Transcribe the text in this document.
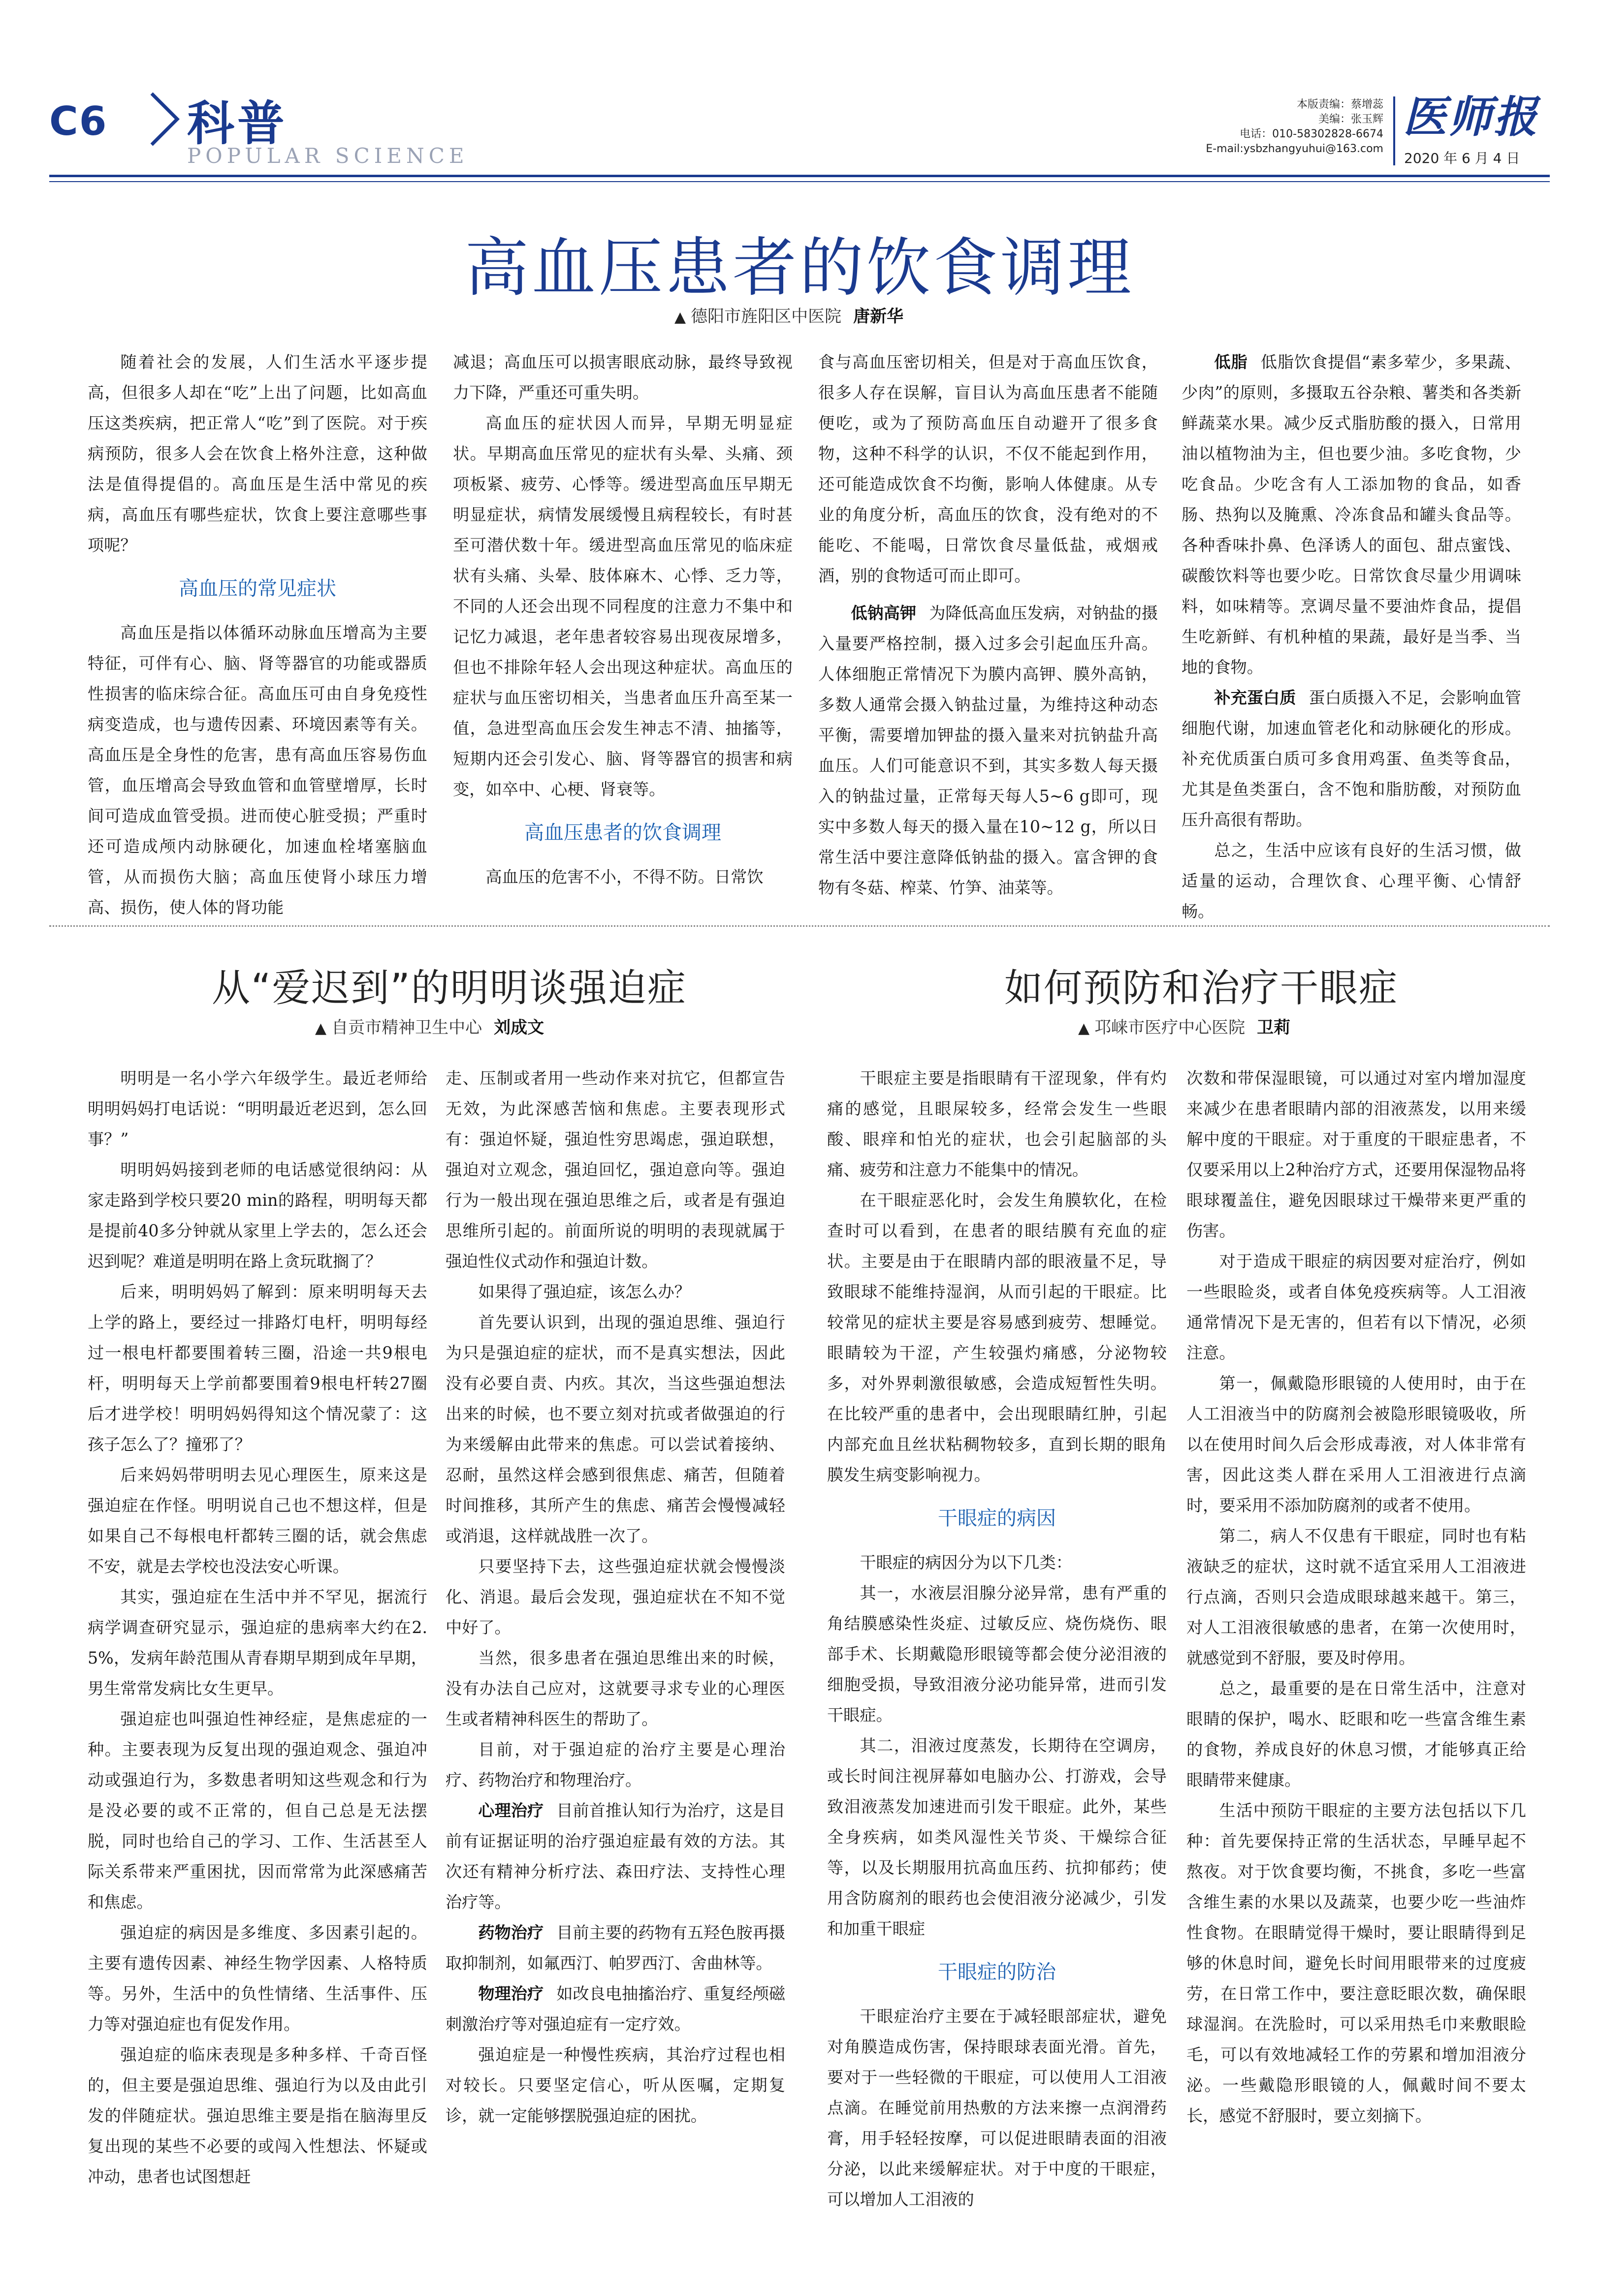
C6 科普
POPULAR SCIENCE
本版责编：蔡增蕊
美编：张玉辉
电话：010-58302828-6674
E-mail:ysbzhangyuhui@163.com
医师报
2020 年 6 月 4 日
高血压患者的饮食调理
▲ 德阳市旌阳区中医院 唐新华

随着社会的发展，人们生活水平逐步提高，但很多人却在“吃”上出了问题，比如高血压这类疾病，把正常人“吃”到了医院。对于疾病预防，很多人会在饮食上格外注意，这种做法是值得提倡的。高血压是生活中常见的疾病，高血压有哪些症状，饮食上要注意哪些事项呢？

高血压的常见症状

高血压是指以体循环动脉血压增高为主要特征，可伴有心、脑、肾等器官的功能或器质性损害的临床综合征。高血压可由自身免疫性病变造成，也与遗传因素、环境因素等有关。高血压是全身性的危害，患有高血压容易伤血管，血压增高会导致血管和血管壁增厚，长时间可造成血管受损。进而使心脏受损；严重时还可造成颅内动脉硬化，加速血栓堵塞脑血管，从而损伤大脑；高血压使肾小球压力增高、损伤，使人体的肾功能

减退；高血压可以损害眼底动脉，最终导致视力下降，严重还可重失明。

高血压的症状因人而异，早期无明显症状。早期高血压常见的症状有头晕、头痛、颈项板紧、疲劳、心悸等。缓进型高血压早期无明显症状，病情发展缓慢且病程较长，有时甚至可潜伏数十年。缓进型高血压常见的临床症状有头痛、头晕、肢体麻木、心悸、乏力等，不同的人还会出现不同程度的注意力不集中和记忆力减退，老年患者较容易出现夜尿增多，但也不排除年轻人会出现这种症状。高血压的症状与血压密切相关，当患者血压升高至某一值，急进型高血压会发生神志不清、抽搐等，短期内还会引发心、脑、肾等器官的损害和病变，如卒中、心梗、肾衰等。

高血压患者的饮食调理

高血压的危害不小，不得不防。日常饮

食与高血压密切相关，但是对于高血压饮食，很多人存在误解，盲目认为高血压患者不能随便吃，或为了预防高血压自动避开了很多食物，这种不科学的认识，不仅不能起到作用，还可能造成饮食不均衡，影响人体健康。从专业的角度分析，高血压的饮食，没有绝对的不能吃、不能喝，日常饮食尽量低盐，戒烟戒酒，别的食物适可而止即可。

低钠高钾 为降低高血压发病，对钠盐的摄入量要严格控制，摄入过多会引起血压升高。人体细胞正常情况下为膜内高钾、膜外高钠，多数人通常会摄入钠盐过量，为维持这种动态平衡，需要增加钾盐的摄入量来对抗钠盐升高血压。人们可能意识不到，其实多数人每天摄入的钠盐过量，正常每天每人5~6 g即可，现实中多数人每天的摄入量在10~12 g，所以日常生活中要注意降低钠盐的摄入。富含钾的食物有冬菇、榨菜、竹笋、油菜等。

低脂 低脂饮食提倡“素多荤少，多果蔬、少肉”的原则，多摄取五谷杂粮、薯类和各类新鲜蔬菜水果。减少反式脂肪酸的摄入，日常用油以植物油为主，但也要少油。多吃食物，少吃食品。少吃含有人工添加物的食品，如香肠、热狗以及腌熏、冷冻食品和罐头食品等。各种香味扑鼻、色泽诱人的面包、甜点蜜饯、碳酸饮料等也要少吃。日常饮食尽量少用调味料，如味精等。烹调尽量不要油炸食品，提倡生吃新鲜、有机种植的果蔬，最好是当季、当地的食物。

补充蛋白质 蛋白质摄入不足，会影响血管细胞代谢，加速血管老化和动脉硬化的形成。补充优质蛋白质可多食用鸡蛋、鱼类等食品，尤其是鱼类蛋白，含不饱和脂肪酸，对预防血压升高很有帮助。

总之，生活中应该有良好的生活习惯，做适量的运动，合理饮食、心理平衡、心情舒畅。

从“爱迟到”的明明谈强迫症
▲ 自贡市精神卫生中心 刘成文

明明是一名小学六年级学生。最近老师给明明妈妈打电话说：“明明最近老迟到，怎么回事？”

明明妈妈接到老师的电话感觉很纳闷：从家走路到学校只要20 min的路程，明明每天都是提前40多分钟就从家里上学去的，怎么还会迟到呢？难道是明明在路上贪玩耽搁了？

后来，明明妈妈了解到：原来明明每天去上学的路上，要经过一排路灯电杆，明明每经过一根电杆都要围着转三圈，沿途一共9根电杆，明明每天上学前都要围着9根电杆转27圈后才进学校！明明妈妈得知这个情况蒙了：这孩子怎么了？撞邪了？

后来妈妈带明明去见心理医生，原来这是强迫症在作怪。明明说自己也不想这样，但是如果自己不每根电杆都转三圈的话，就会焦虑不安，就是去学校也没法安心听课。

其实，强迫症在生活中并不罕见，据流行病学调查研究显示，强迫症的患病率大约在2.5%，发病年龄范围从青春期早期到成年早期，男生常常发病比女生更早。

强迫症也叫强迫性神经症，是焦虑症的一种。主要表现为反复出现的强迫观念、强迫冲动或强迫行为，多数患者明知这些观念和行为是没必要的或不正常的，但自己总是无法摆脱，同时也给自己的学习、工作、生活甚至人际关系带来严重困扰，因而常常为此深感痛苦和焦虑。

强迫症的病因是多维度、多因素引起的。主要有遗传因素、神经生物学因素、人格特质等。另外，生活中的负性情绪、生活事件、压力等对强迫症也有促发作用。

强迫症的临床表现是多种多样、千奇百怪的，但主要是强迫思维、强迫行为以及由此引发的伴随症状。强迫思维主要是指在脑海里反复出现的某些不必要的或闯入性想法、怀疑或冲动，患者也试图想赶

走、压制或者用一些动作来对抗它，但都宣告无效，为此深感苦恼和焦虑。主要表现形式有：强迫怀疑，强迫性穷思竭虑，强迫联想，强迫对立观念，强迫回忆，强迫意向等。强迫行为一般出现在强迫思维之后，或者是有强迫思维所引起的。前面所说的明明的表现就属于强迫性仪式动作和强迫计数。

如果得了强迫症，该怎么办？

首先要认识到，出现的强迫思维、强迫行为只是强迫症的症状，而不是真实想法，因此没有必要自责、内疚。其次，当这些强迫想法出来的时候，也不要立刻对抗或者做强迫的行为来缓解由此带来的焦虑。可以尝试着接纳、忍耐，虽然这样会感到很焦虑、痛苦，但随着时间推移，其所产生的焦虑、痛苦会慢慢减轻或消退，这样就战胜一次了。

只要坚持下去，这些强迫症状就会慢慢淡化、消退。最后会发现，强迫症状在不知不觉中好了。

当然，很多患者在强迫思维出来的时候，没有办法自己应对，这就要寻求专业的心理医生或者精神科医生的帮助了。

目前，对于强迫症的治疗主要是心理治疗、药物治疗和物理治疗。

心理治疗 目前首推认知行为治疗，这是目前有证据证明的治疗强迫症最有效的方法。其次还有精神分析疗法、森田疗法、支持性心理治疗等。

药物治疗 目前主要的药物有五羟色胺再摄取抑制剂，如氟西汀、帕罗西汀、舍曲林等。

物理治疗 如改良电抽搐治疗、重复经颅磁刺激治疗等对强迫症有一定疗效。

强迫症是一种慢性疾病，其治疗过程也相对较长。只要坚定信心，听从医嘱，定期复诊，就一定能够摆脱强迫症的困扰。

如何预防和治疗干眼症
▲ 邛崃市医疗中心医院 卫莉

干眼症主要是指眼睛有干涩现象，伴有灼痛的感觉，且眼屎较多，经常会发生一些眼酸、眼痒和怕光的症状，也会引起脑部的头痛、疲劳和注意力不能集中的情况。

在干眼症恶化时，会发生角膜软化，在检查时可以看到，在患者的眼结膜有充血的症状。主要是由于在眼睛内部的眼液量不足，导致眼球不能维持湿润，从而引起的干眼症。比较常见的症状主要是容易感到疲劳、想睡觉。眼睛较为干涩，产生较强灼痛感，分泌物较多，对外界刺激很敏感，会造成短暂性失明。在比较严重的患者中，会出现眼睛红肿，引起内部充血且丝状粘稠物较多，直到长期的眼角膜发生病变影响视力。

干眼症的病因

干眼症的病因分为以下几类：

其一，水液层泪腺分泌异常，患有严重的角结膜感染性炎症、过敏反应、烧伤烧伤、眼部手术、长期戴隐形眼镜等都会使分泌泪液的细胞受损，导致泪液分泌功能异常，进而引发干眼症。

其二，泪液过度蒸发，长期待在空调房，或长时间注视屏幕如电脑办公、打游戏，会导致泪液蒸发加速进而引发干眼症。此外，某些全身疾病，如类风湿性关节炎、干燥综合征等，以及长期服用抗高血压药、抗抑郁药；使用含防腐剂的眼药也会使泪液分泌减少，引发和加重干眼症

干眼症的防治

干眼症治疗主要在于减轻眼部症状，避免对角膜造成伤害，保持眼球表面光滑。首先，要对于一些轻微的干眼症，可以使用人工泪液点滴。在睡觉前用热敷的方法来擦一点润滑药膏，用手轻轻按摩，可以促进眼睛表面的泪液分泌，以此来缓解症状。对于中度的干眼症，可以增加人工泪液的

次数和带保湿眼镜，可以通过对室内增加湿度来减少在患者眼睛内部的泪液蒸发，以用来缓解中度的干眼症。对于重度的干眼症患者，不仅要采用以上2种治疗方式，还要用保湿物品将眼球覆盖住，避免因眼球过干燥带来更严重的伤害。

对于造成干眼症的病因要对症治疗，例如一些眼睑炎，或者自体免疫疾病等。人工泪液通常情况下是无害的，但若有以下情况，必须注意。

第一，佩戴隐形眼镜的人使用时，由于在人工泪液当中的防腐剂会被隐形眼镜吸收，所以在使用时间久后会形成毒液，对人体非常有害，因此这类人群在采用人工泪液进行点滴时，要采用不添加防腐剂的或者不使用。

第二，病人不仅患有干眼症，同时也有粘液缺乏的症状，这时就不适宜采用人工泪液进行点滴，否则只会造成眼球越来越干。第三，对人工泪液很敏感的患者，在第一次使用时，就感觉到不舒服，要及时停用。

总之，最重要的是在日常生活中，注意对眼睛的保护，喝水、眨眼和吃一些富含维生素的食物，养成良好的休息习惯，才能够真正给眼睛带来健康。

生活中预防干眼症的主要方法包括以下几种：首先要保持正常的生活状态，早睡早起不熬夜。对于饮食要均衡，不挑食，多吃一些富含维生素的水果以及蔬菜，也要少吃一些油炸性食物。在眼睛觉得干燥时，要让眼睛得到足够的休息时间，避免长时间用眼带来的过度疲劳，在日常工作中，要注意眨眼次数，确保眼球湿润。在洗脸时，可以采用热毛巾来敷眼睑毛，可以有效地减轻工作的劳累和增加泪液分泌。一些戴隐形眼镜的人，佩戴时间不要太长，感觉不舒服时，要立刻摘下。
